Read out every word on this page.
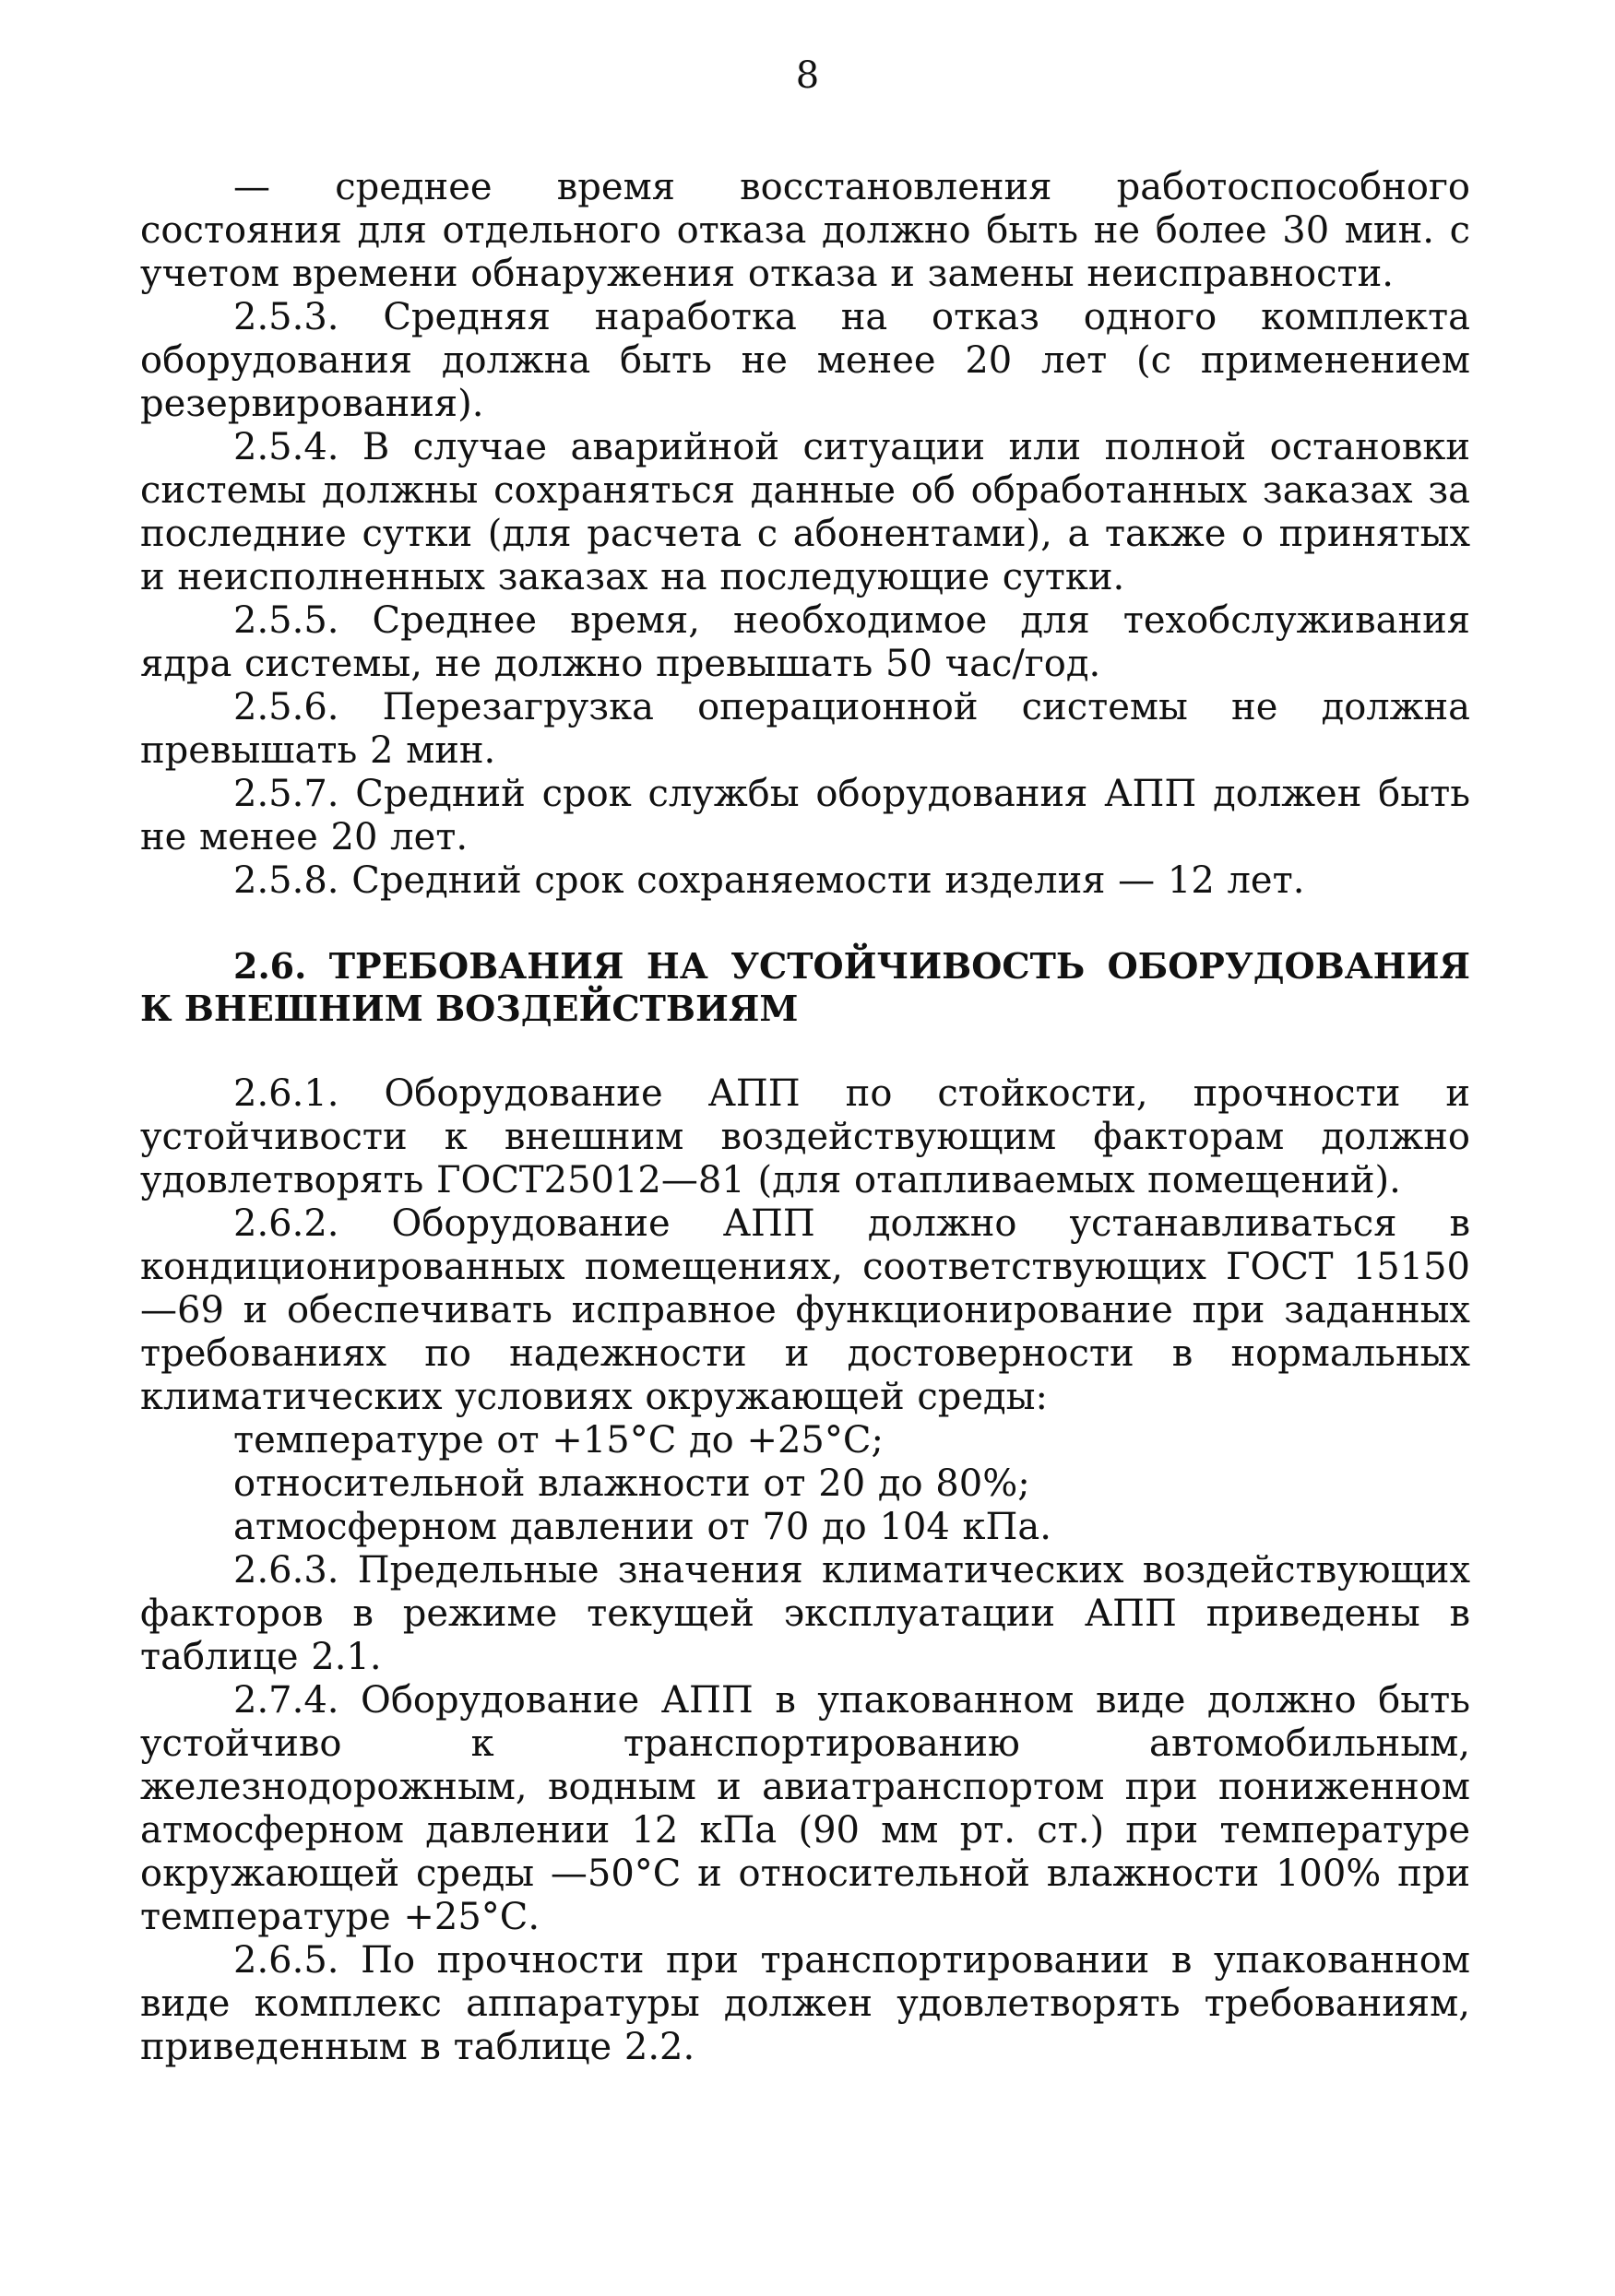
8

— среднее время восстановления работоспособного состояния для отдельного отказа должно быть не более 30 мин. с учетом времени обнаружения отказа и замены неисправности.

2.5.3. Средняя наработка на отказ одного комплекта оборудования должна быть не менее 20 лет (с применением резервирования).

2.5.4. В случае аварийной ситуации или полной остановки системы должны сохраняться данные об обработанных заказах за последние сутки (для расчета с абонентами), а также о принятых и неисполненных заказах на последующие сутки.

2.5.5. Среднее время, необходимое для техобслуживания ядра системы, не должно превышать 50 час/год.

2.5.6. Перезагрузка операционной системы не должна превышать 2 мин.

2.5.7. Средний срок службы оборудования АПП должен быть не менее 20 лет.

2.5.8. Средний срок сохраняемости изделия — 12 лет.

2.6. ТРЕБОВАНИЯ НА УСТОЙЧИВОСТЬ ОБОРУДОВАНИЯ К ВНЕШНИМ ВОЗДЕЙСТВИЯМ

2.6.1. Оборудование АПП по стойкости, прочности и устойчивости к внешним воздействующим факторам должно удовлетворять ГОСТ25012—81 (для отапливаемых помещений).

2.6.2. Оборудование АПП должно устанавливаться в кондиционированных помещениях, соответствующих ГОСТ 15150—69 и обеспечивать исправное функционирование при заданных требованиях по надежности и достоверности в нормальных климатических условиях окружающей среды:

температуре от +15°С до +25°С;

относительной влажности от 20 до 80%;

атмосферном давлении от 70 до 104 кПа.

2.6.3. Предельные значения климатических воздействующих факторов в режиме текущей эксплуатации АПП приведены в таблице 2.1.

2.7.4. Оборудование АПП в упакованном виде должно быть устойчиво к транспортированию автомобильным, железнодорожным, водным и авиатранспортом при пониженном атмосферном давлении 12 кПа (90 мм рт. ст.) при температуре окружающей среды —50°С и относительной влажности 100% при температуре +25°С.

2.6.5. По прочности при транспортировании в упакованном виде комплекс аппаратуры должен удовлетворять требованиям, приведенным в таблице 2.2.
